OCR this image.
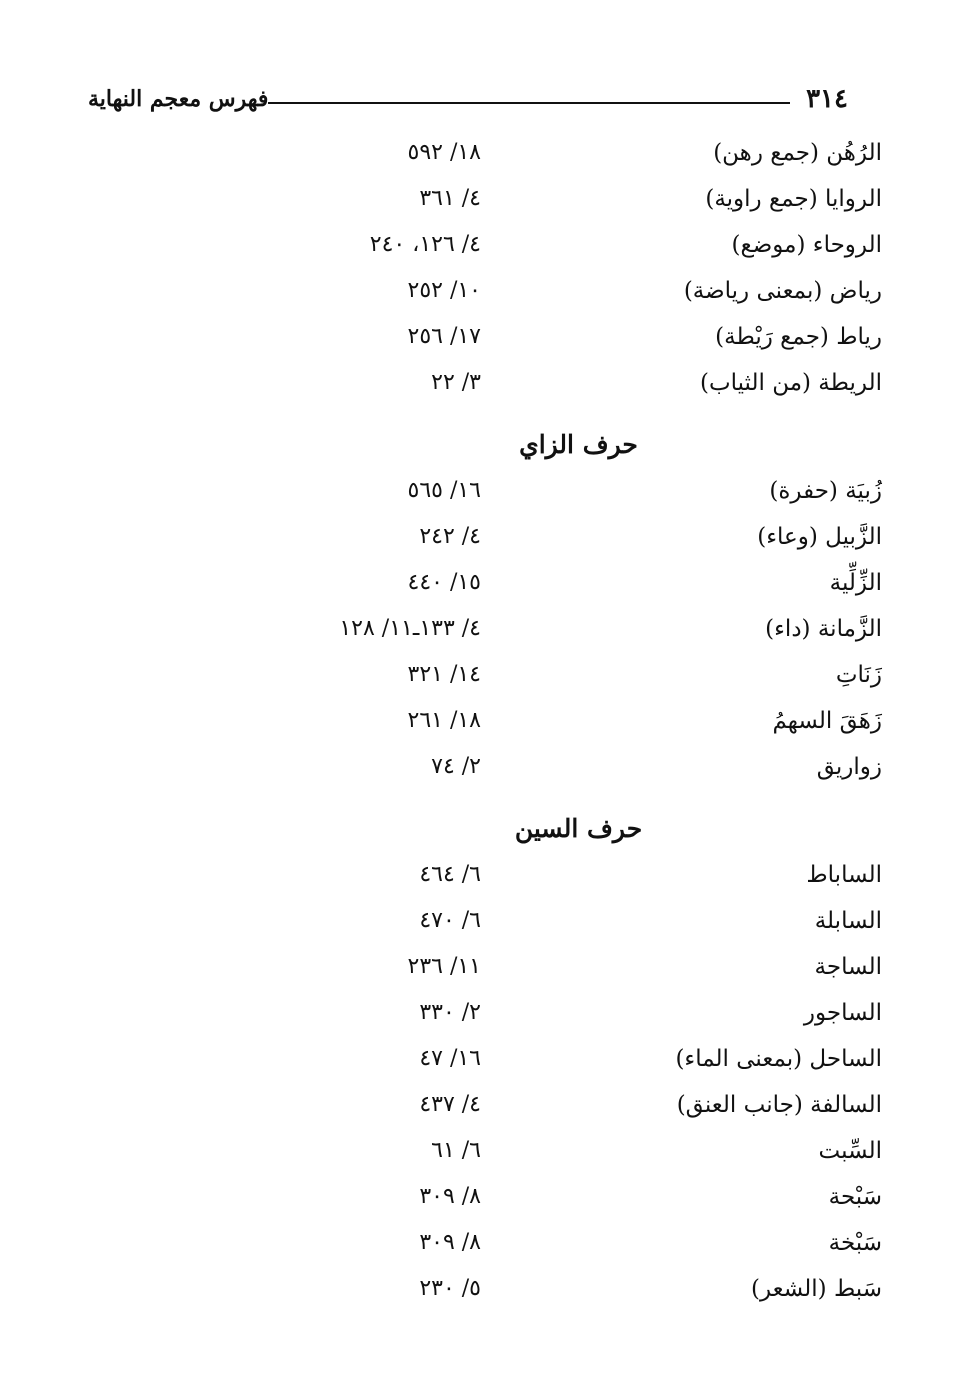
٣١٤
فهرس معجم النهاية
الرُهُن (جمع رهن)
١٨/ ٥٩٢
الروايا (جمع راوية)
٤/ ٣٦١
الروحاء (موضع)
٤/ ١٢٦، ٢٤٠
رياض (بمعنى رياضة)
١٠/ ٢٥٢
رياط (جمع رَيْطة)
١٧/ ٢٥٦
الريطة (من الثياب)
٣/ ٢٢
حرف الزاي
زُبيَة (حفرة)
١٦/ ٥٦٥
الزَّبيل (وعاء)
٤/ ٢٤٢
الزِّلِّية
١٥/ ٤٤٠
الزَّمانة (داء)
٤/ ١٣٣ـ١١/ ١٢٨
زَنَاتِ
١٤/ ٣٢١
زَهَقَ السهمُ
١٨/ ٢٦١
زواريق
٢/ ٧٤
حرف السين
الساباط
٦/ ٤٦٤
السابلة
٦/ ٤٧٠
الساجة
١١/ ٢٣٦
الساجور
٢/ ٣٣٠
الساحل (بمعنى الماء)
١٦/ ٤٧
السالفة (جانب العنق)
٤/ ٤٣٧
السِّبت
٦/ ٦١
سَبْحة
٨/ ٣٠٩
سَبْخة
٨/ ٣٠٩
سَبط (الشعر)
٥/ ٢٣٠
